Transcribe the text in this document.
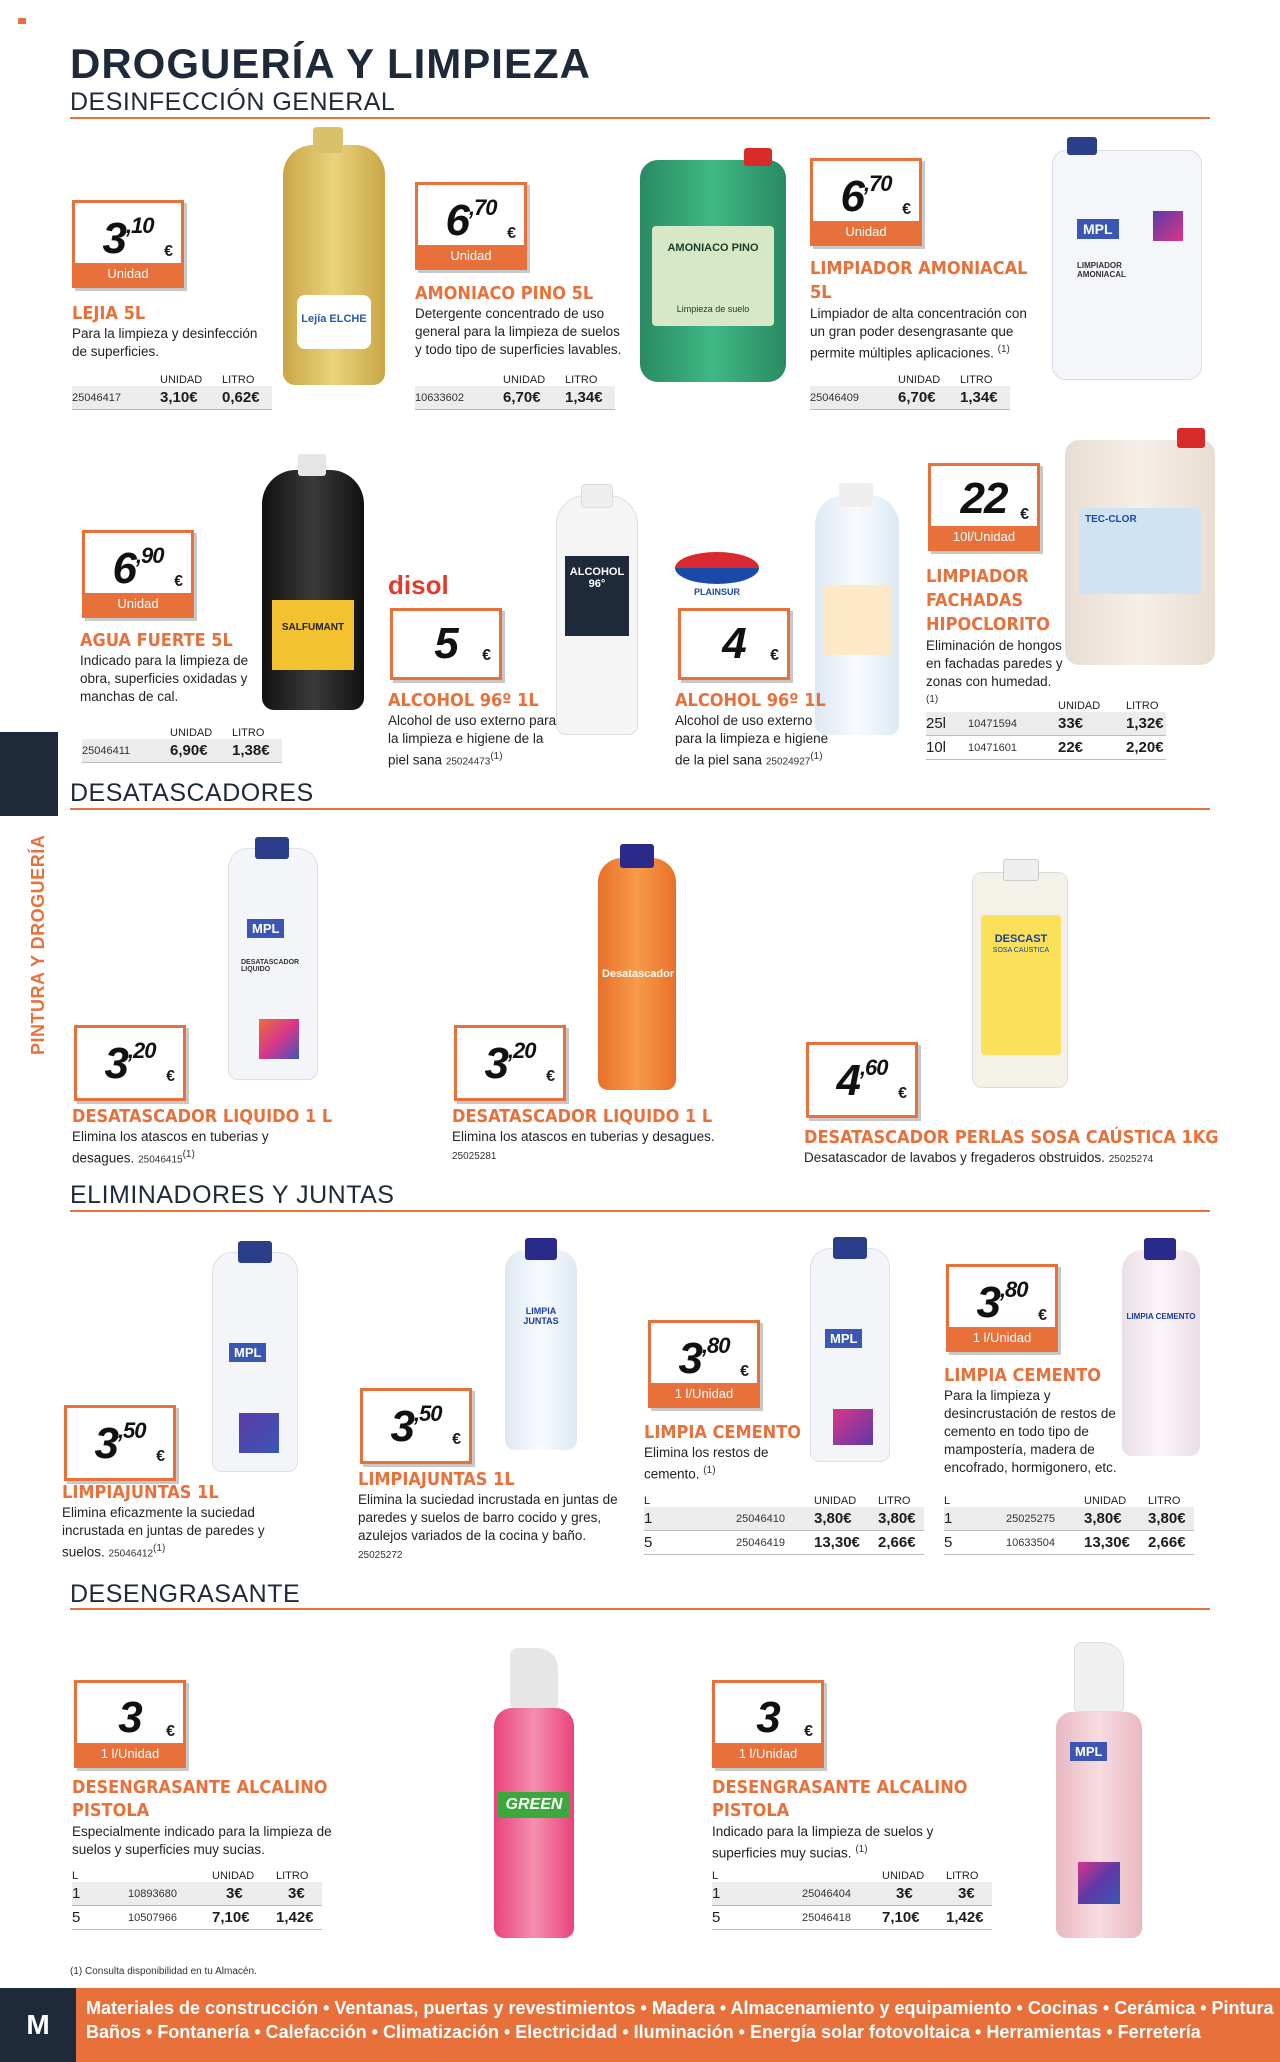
DROGUERÍA Y LIMPIEZA
DESINFECCIÓN GENERAL
PINTURA Y DROGUERÍA
$3^{,10}$
€
Unidad
Lejía ELCHE
LEJIA 5L
Para la limpieza y desinfección de superficies.
UNIDAD	LITRO
25046417	3,10€	0,62€
$6^{,70}$
€
Unidad	AMONIACO PINO
Limpieza de suelo
AMONIACO PINO 5L
Detergente concentrado de uso general para la limpieza de suelos y todo tipo de superficies lavables.
UNIDAD	LITRO
10633602	6,70€	1,34€
$6^{,70}$
€
Unidad	MPL
LIMPIADOR AMONIACAL
LIMPIADOR AMONIACAL
5L
Limpiador de alta concentración con un gran poder desengrasante que permite múltiples aplicaciones. $^{(1)}$
UNIDAD	LITRO
25046409	6,70€	1,34€
$6^{,90}$
€
Unidad
SALFUMANT
AGUA FUERTE 5L
Indicado para la limpieza de obra, superficies oxidadas y manchas de cal.
UNIDAD	LITRO
25046411	6,90€	1,38€
disol
5	€
ALCOHOL 96°
ALCOHOL 96º 1L
Alcohol de uso externo para la limpieza e higiene de la piel sana 25024473$^{(1)}$
PLAINSUR
4	€
ALCOHOL 96º 1L
Alcohol de uso externo para la limpieza e higiene de la piel sana 25024927$^{(1)}$
22 €
10l/Unidad
TEC-CLOR
LIMPIADOR
FACHADAS
HIPOCLORITO
Eliminación de hongos en fachadas paredes y zonas con humedad. $^{(1)}$
UNIDAD	LITRO
25l	10471594	33€	1,32€
10l	10471601	22€	2,20€
DESATASCADORES
$3^{,20}$
€
MPL
DESATASCADOR LIQUIDO
DESATASCADOR LIQUIDO 1 L
Elimina los atascos en tuberias y desagues. 25046415$^{(1)}$
$3^{,20}$
€
Desatascador
DESATASCADOR LIQUIDO 1 L
Elimina los atascos en tuberias y desagues. 25025281
$4^{,60}$
€
DESCAST
SOSA CAUSTICA
DESATASCADOR PERLAS SOSA CAÚSTICA 1KG
Desatascador de lavabos y fregaderos obstruidos. 25025274
ELIMINADORES Y JUNTAS
$3^{,50}$
€
MPL
LIMPIAJUNTAS 1L
Elimina eficazmente la suciedad incrustada en juntas de paredes y suelos. 25046412$^{(1)}$
$3^{,50}$
€
LIMPIA JUNTAS
LIMPIAJUNTAS 1L
Elimina la suciedad incrustada en juntas de paredes y suelos de barro cocido y gres, azulejos variados de la cocina y baño. 25025272
$3^{,80}$
€
1 l/Unidad
MPL
LIMPIA CEMENTO
Elimina los restos de cemento. $^{(1)}$
L	UNIDAD	LITRO
1	25046410	3,80€	3,80€
5	25046419	13,30€	2,66€
$3^{,80}$
€
1 l/Unidad
LIMPIA CEMENTO
LIMPIA CEMENTO
Para la limpieza y desincrustación de restos de cemento en todo tipo de mampostería, madera de encofrado, hormigonero, etc.
L	UNIDAD	LITRO
1	25025275	3,80€	3,80€
5	10633504	13,30€	2,66€
DESENGRASANTE
3	€
1 l/Unidad
GREEN
DESENGRASANTE ALCALINO
PISTOLA
Especialmente indicado para la limpieza de suelos y superficies muy sucias.
L	UNIDAD	LITRO
1	10893680	3€	3€
5	10507966	7,10€	1,42€
3	€
1 l/Unidad	MPL
DESENGRASANTE ALCALINO
PISTOLA
Indicado para la limpieza de suelos y superficies muy sucias. $^{(1)}$
L	UNIDAD	LITRO
1	25046404	3€	3€
5	25046418	7,10€	1,42€
(1) Consulta disponibilidad en tu Almacén.
M
Materiales de construcción • Ventanas, puertas y revestimientos • Madera • Almacenamiento y equipamiento • Cocinas • Cerámica • Pintura
Baños • Fontanería • Calefacción • Climatización • Electricidad • Iluminación • Energía solar fotovoltaica • Herramientas • Ferretería
